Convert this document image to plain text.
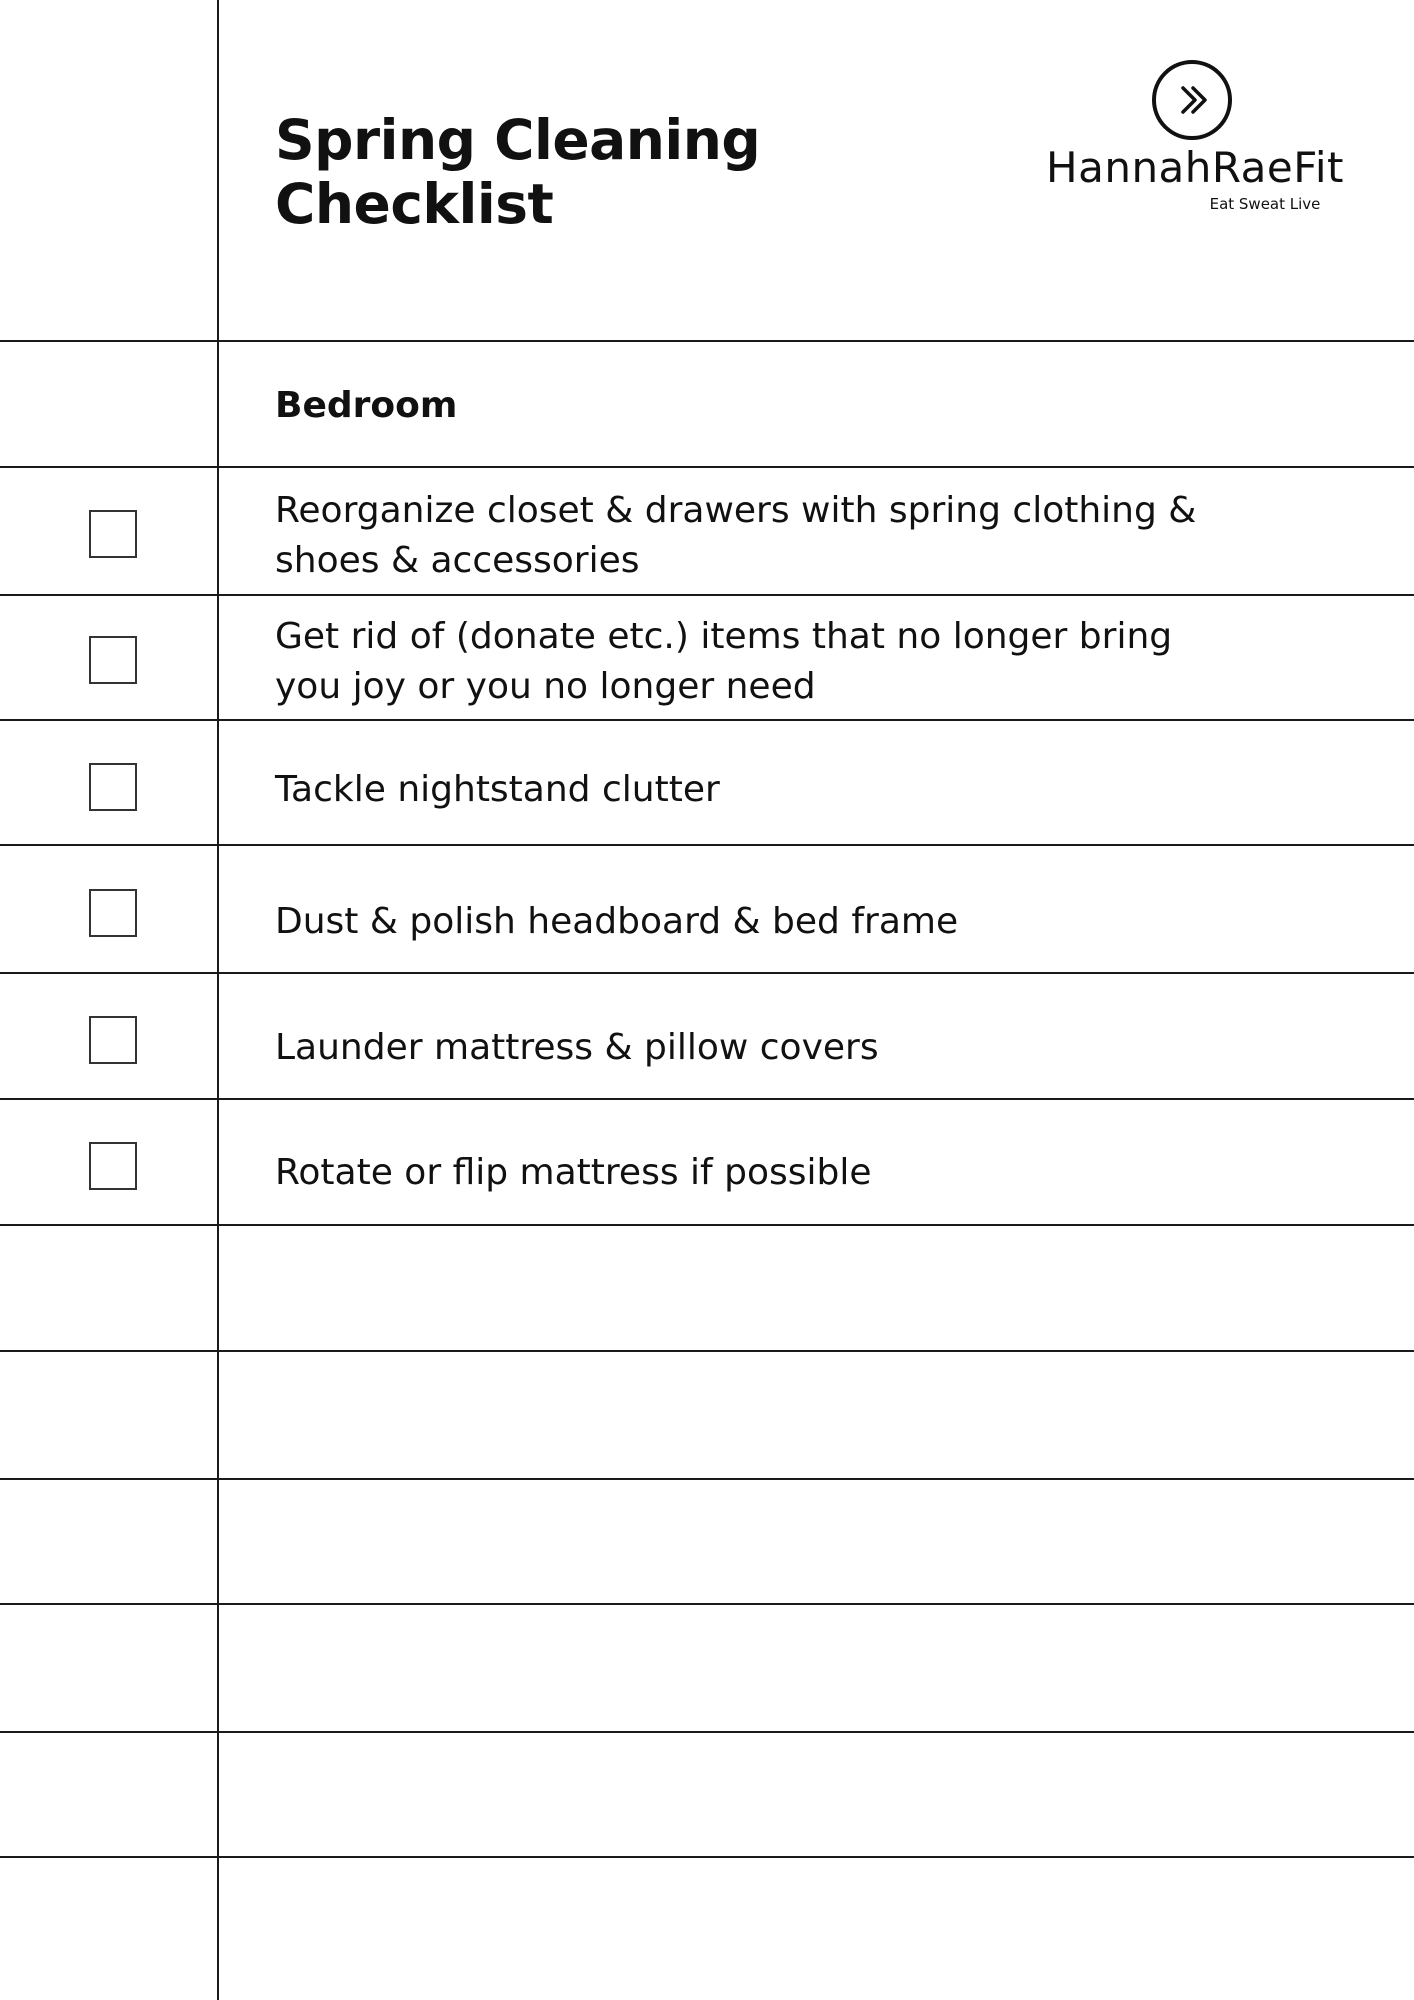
Spring Cleaning
Checklist
HannahRaeFit
Eat Sweat Live
Bedroom

Reorganize closet & drawers with spring clothing &
shoes & accessories

Get rid of (donate etc.) items that no longer bring
you joy or you no longer need

Tackle nightstand clutter

Dust & polish headboard & bed frame

Launder mattress & pillow covers

Rotate or flip mattress if possible
